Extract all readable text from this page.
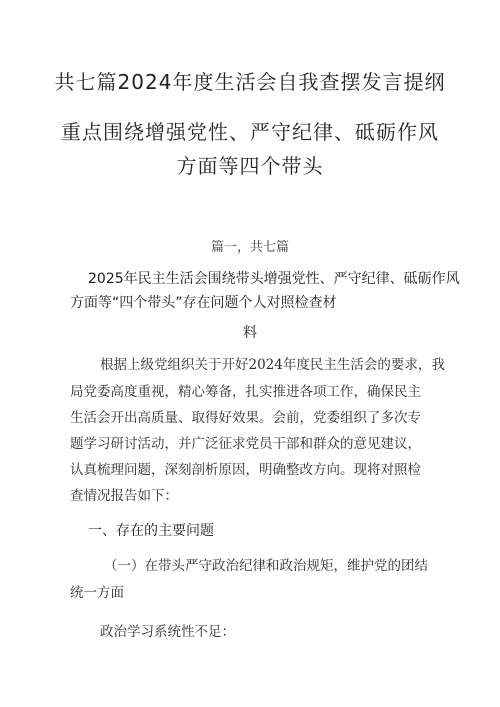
共七篇2024年度生活会自我查摆发言提纲
重点围绕增强党性、严守纪律、砥砺作风
方面等四个带头
篇一，共七篇
2025年民主生活会围绕带头增强党性、严守纪律、砥砺作风
方面等“四个带头”存在问题个人对照检查材
料
根据上级党组织关于开好2024年度民主生活会的要求，我
局党委高度重视，精心筹备，扎实推进各项工作，确保民主
生活会开出高质量、取得好效果。会前，党委组织了多次专
题学习研讨活动，并广泛征求党员干部和群众的意见建议，
认真梳理问题，深刻剖析原因，明确整改方向。现将对照检
查情况报告如下：
一、存在的主要问题
（一）在带头严守政治纪律和政治规矩，维护党的团结
统一方面
政治学习系统性不足：
